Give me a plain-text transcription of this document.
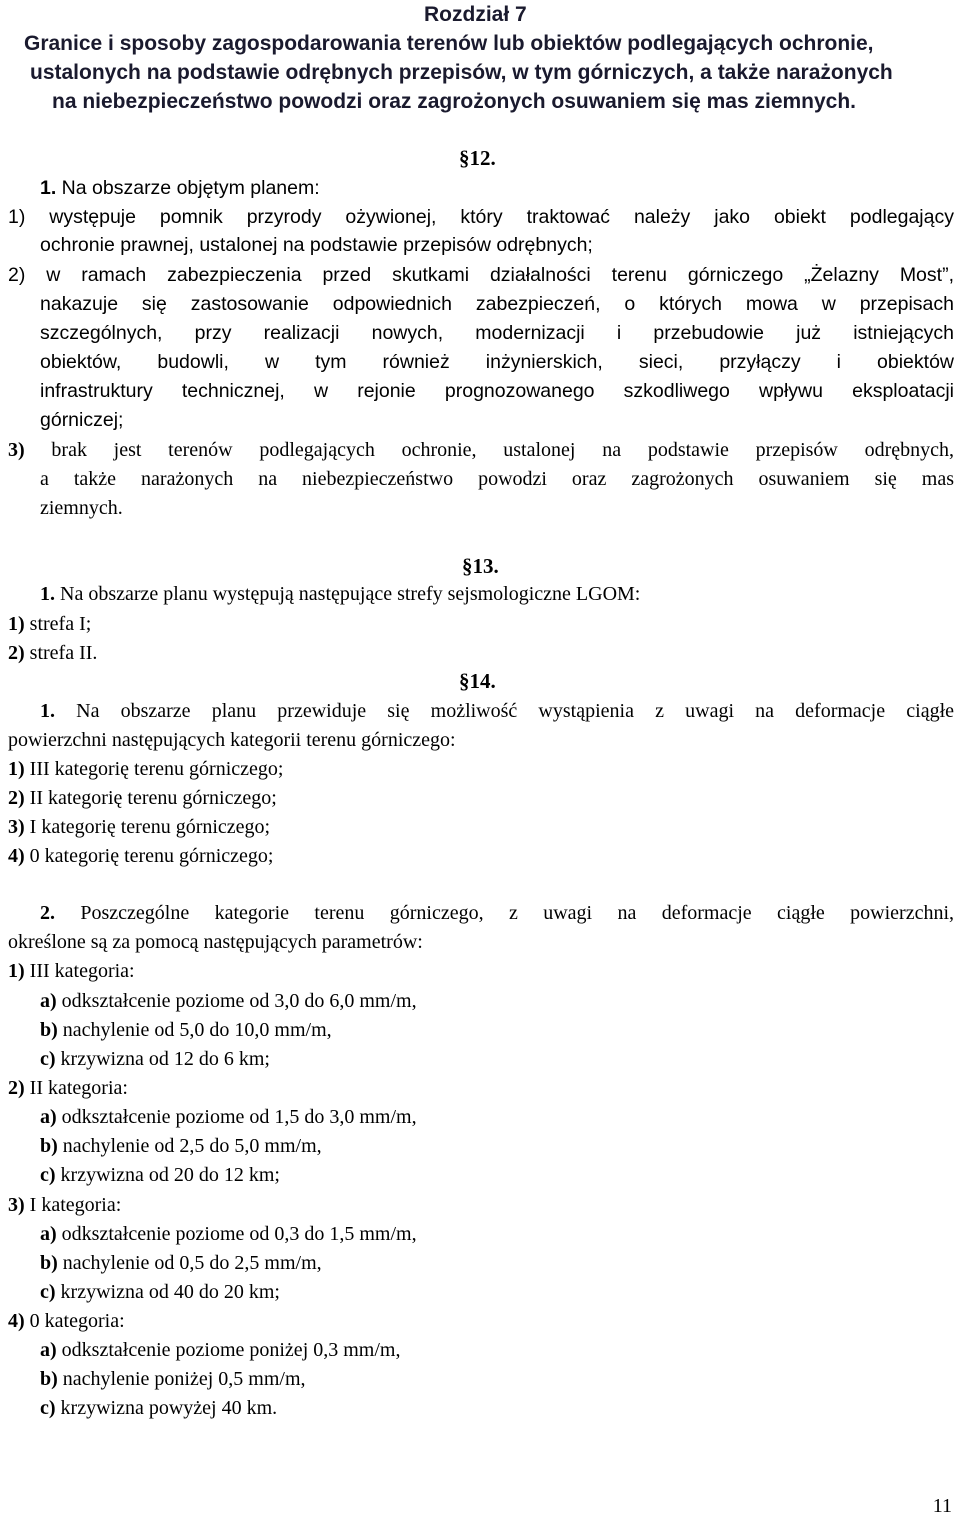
Rozdział 7
Granice i sposoby zagospodarowania terenów lub obiektów podlegających ochronie,
ustalonych na podstawie odrębnych przepisów, w tym górniczych, a także narażonych
na niebezpieczeństwo powodzi oraz zagrożonych osuwaniem się mas ziemnych.
§12.
1. Na obszarze objętym planem:
1) występuje pomnik przyrody ożywionej, który traktować należy jako obiekt podlegający
ochronie prawnej, ustalonej na podstawie przepisów odrębnych;
2) w ramach zabezpieczenia przed skutkami działalności terenu górniczego „Żelazny Most”,
nakazuje się zastosowanie odpowiednich zabezpieczeń, o których mowa w przepisach
szczególnych, przy realizacji nowych, modernizacji i przebudowie już istniejących
obiektów, budowli, w tym również inżynierskich, sieci, przyłączy i obiektów
infrastruktury technicznej, w rejonie prognozowanego szkodliwego wpływu eksploatacji
górniczej;
3) brak jest terenów podlegających ochronie, ustalonej na podstawie przepisów odrębnych,
a także narażonych na niebezpieczeństwo powodzi oraz zagrożonych osuwaniem się mas
ziemnych.
§13.
1. Na obszarze planu występują następujące strefy sejsmologiczne LGOM:
1) strefa I;
2) strefa II.
§14.
1. Na obszarze planu przewiduje się możliwość wystąpienia z uwagi na deformacje ciągłe
powierzchni następujących kategorii terenu górniczego:
1) III kategorię terenu górniczego;
2) II kategorię terenu górniczego;
3) I kategorię terenu górniczego;
4) 0 kategorię terenu górniczego;
2. Poszczególne kategorie terenu górniczego, z uwagi na deformacje ciągłe powierzchni,
określone są za pomocą następujących parametrów:
1) III kategoria:
a) odkształcenie poziome od 3,0 do 6,0 mm/m,
b) nachylenie od 5,0 do 10,0 mm/m,
c) krzywizna od 12 do 6 km;
2) II kategoria:
a) odkształcenie poziome od 1,5 do 3,0 mm/m,
b) nachylenie od 2,5 do 5,0 mm/m,
c) krzywizna od 20 do 12 km;
3) I kategoria:
a) odkształcenie poziome od 0,3 do 1,5 mm/m,
b) nachylenie od 0,5 do 2,5 mm/m,
c) krzywizna od 40 do 20 km;
4) 0 kategoria:
a) odkształcenie poziome poniżej 0,3 mm/m,
b) nachylenie poniżej 0,5 mm/m,
c) krzywizna powyżej 40 km.
11
